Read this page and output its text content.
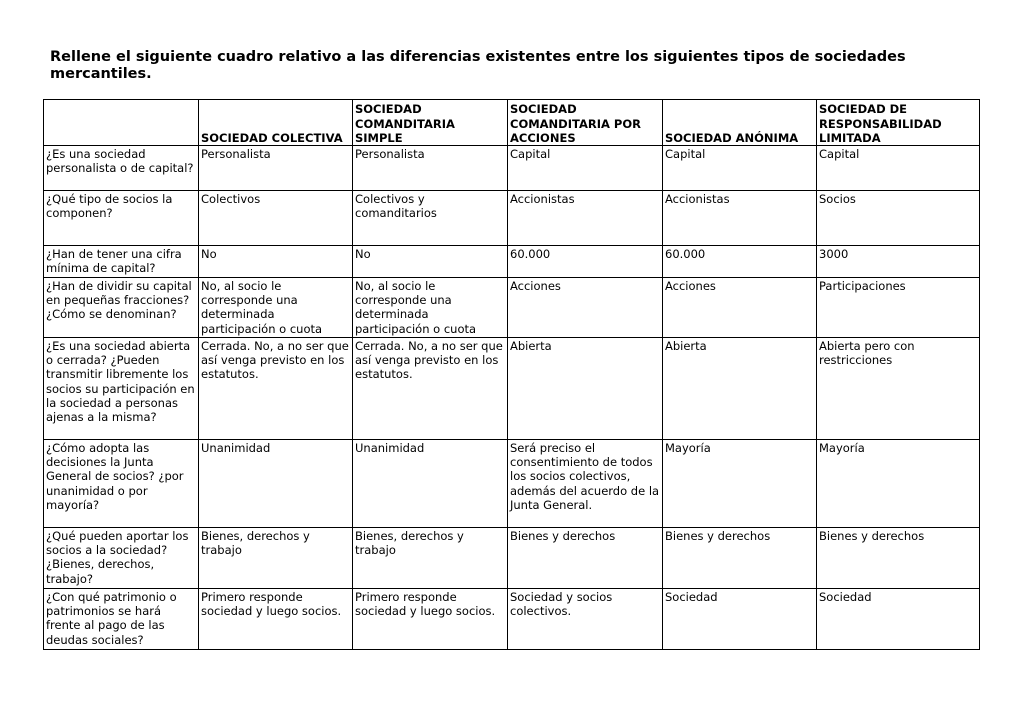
Rellene el siguiente cuadro relativo a las diferencias existentes entre los siguientes tipos de sociedades mercantiles.

	SOCIEDAD COLECTIVA	SOCIEDAD COMANDITARIA SIMPLE	SOCIEDAD COMANDITARIA POR ACCIONES	SOCIEDAD ANÓNIMA	SOCIEDAD DE RESPONSABILIDAD LIMITADA
¿Es una sociedad personalista o de capital?	Personalista	Personalista	Capital	Capital	Capital
¿Qué tipo de socios la componen?	Colectivos	Colectivos y comanditarios	Accionistas	Accionistas	Socios
¿Han de tener una cifra mínima de capital?	No	No	60.000	60.000	3000
¿Han de dividir su capital en pequeñas fracciones? ¿Cómo se denominan?	No, al socio le corresponde una determinada participación o cuota	No, al socio le corresponde una determinada participación o cuota	Acciones	Acciones	Participaciones
¿Es una sociedad abierta o cerrada? ¿Pueden transmitir libremente los socios su participación en la sociedad a personas ajenas a la misma?	Cerrada. No, a no ser que así venga previsto en los estatutos.	Cerrada. No, a no ser que así venga previsto en los estatutos.	Abierta	Abierta	Abierta pero con restricciones
¿Cómo adopta las decisiones la Junta General de socios? ¿por unanimidad o por mayoría?	Unanimidad	Unanimidad	Será preciso el consentimiento de todos los socios colectivos, además del acuerdo de la Junta General.	Mayoría	Mayoría
¿Qué pueden aportar los socios a la sociedad? ¿Bienes, derechos, trabajo?	Bienes, derechos y trabajo	Bienes, derechos y trabajo	Bienes y derechos	Bienes y derechos	Bienes y derechos
¿Con qué patrimonio o patrimonios se hará frente al pago de las deudas sociales?	Primero responde sociedad y luego socios.	Primero responde sociedad y luego socios.	Sociedad y socios colectivos.	Sociedad	Sociedad
